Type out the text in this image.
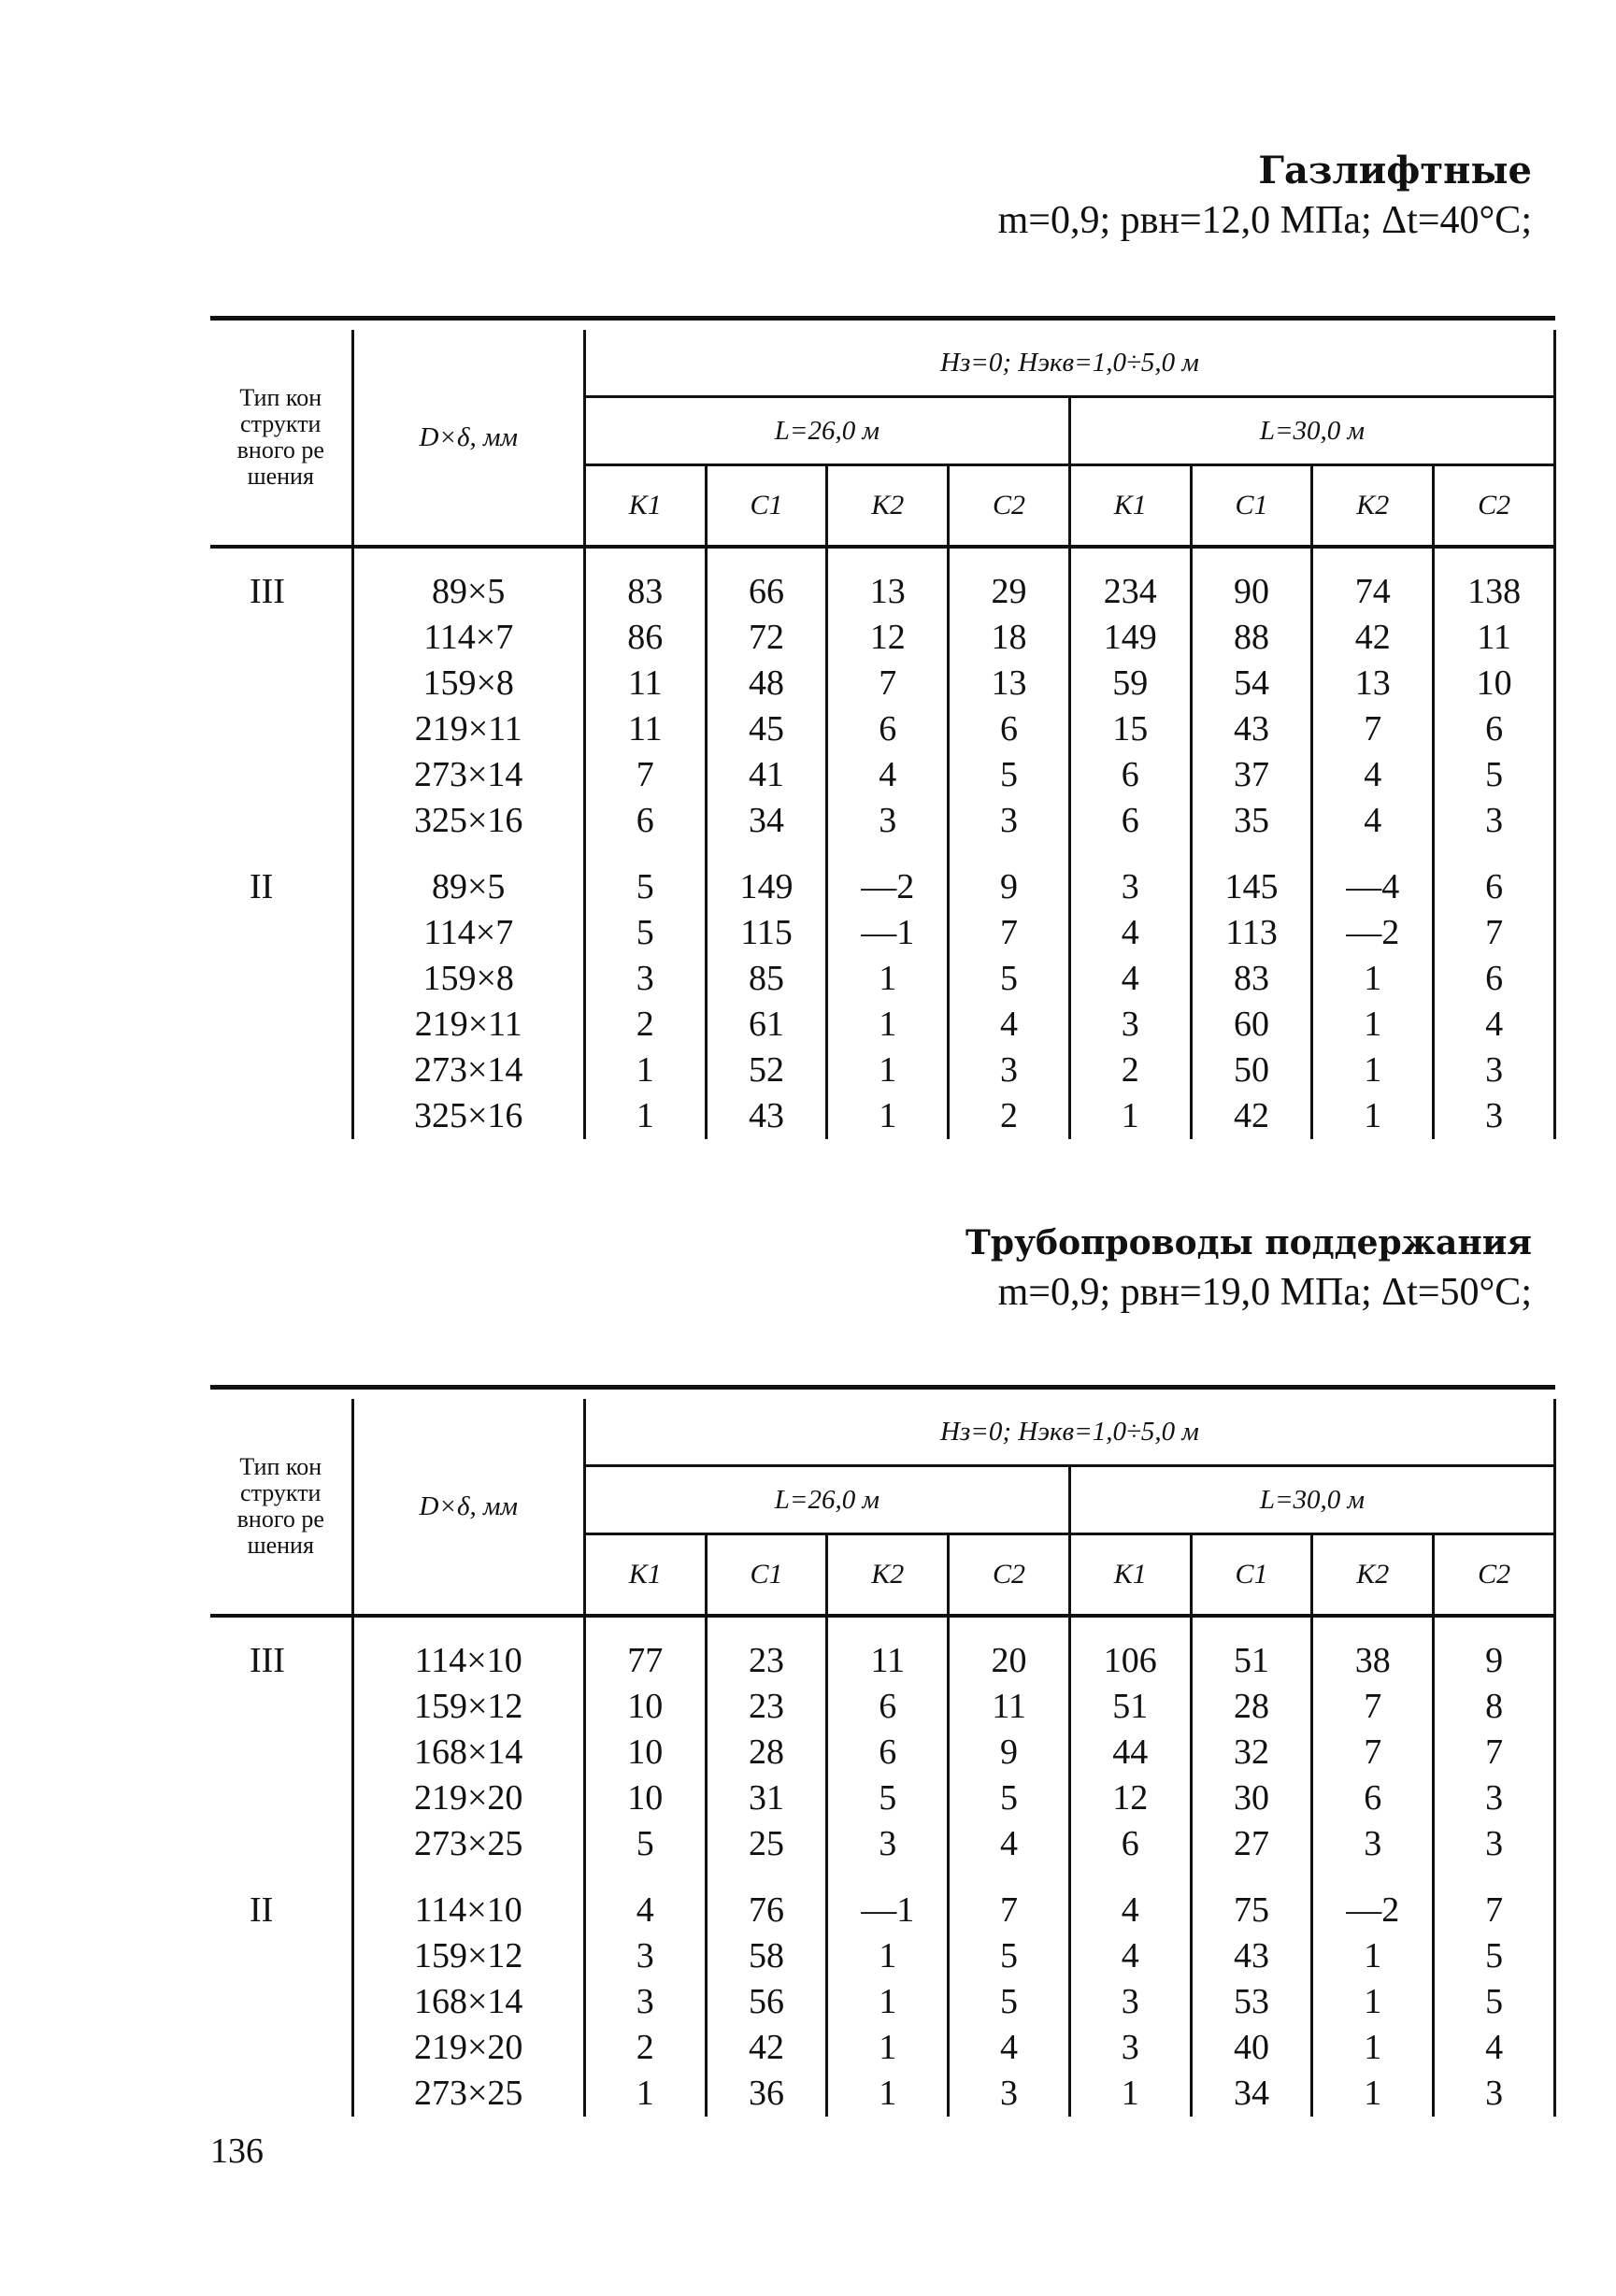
Газлифтные
m=0,9; pвн=12,0 МПа; Δt=40°C;

Тип конструктивного решения	D×δ, мм	Нз=0; Нэкв=1,0÷5,0 м							
		L=26,0 м				L=30,0 м			
		K1	C1	K2	C2	K1	C1	K2	C2

III	89×5	83	66	13	29	234	90	74	138
	114×7	86	72	12	18	149	88	42	11
	159×8	11	48	7	13	59	54	13	10
	219×11	11	45	6	6	15	43	7	6
	273×14	7	41	4	5	6	37	4	5
	325×16	6	34	3	3	6	35	4	3

II	89×5	5	149	—2	9	3	145	—4	6
	114×7	5	115	—1	7	4	113	—2	7
	159×8	3	85	1	5	4	83	1	6
	219×11	2	61	1	4	3	60	1	4
	273×14	1	52	1	3	2	50	1	3
	325×16	1	43	1	2	1	42	1	3
Трубопроводы поддержания
m=0,9; pвн=19,0 МПа; Δt=50°C;

Тип конструктивного решения	D×δ, мм	Нз=0; Нэкв=1,0÷5,0 м							
		L=26,0 м				L=30,0 м			
		K1	C1	K2	C2	K1	C1	K2	C2

III	114×10	77	23	11	20	106	51	38	9
	159×12	10	23	6	11	51	28	7	8
	168×14	10	28	6	9	44	32	7	7
	219×20	10	31	5	5	12	30	6	3
	273×25	5	25	3	4	6	27	3	3

II	114×10	4	76	—1	7	4	75	—2	7
	159×12	3	58	1	5	4	43	1	5
	168×14	3	56	1	5	3	53	1	5
	219×20	2	42	1	4	3	40	1	4
	273×25	1	36	1	3	1	34	1	3
136
